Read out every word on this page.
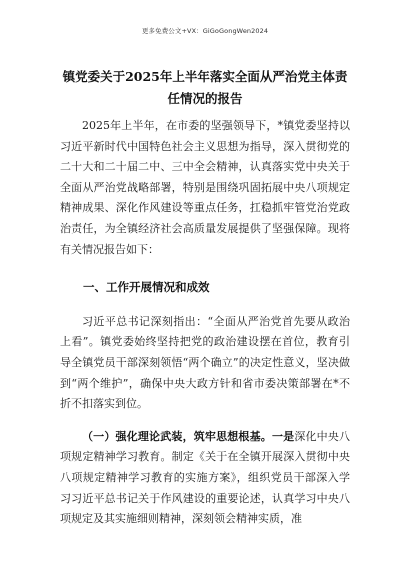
更多免费公文+VX：GiGoGongWen2024
镇党委关于2025年上半年落实全面从严治党主体责任情况的报告

2025年上半年，在市委的坚强领导下，*镇党委坚持以习近平新时代中国特色社会主义思想为指导，深入贯彻党的二十大和二十届二中、三中全会精神，认真落实党中央关于全面从严治党战略部署，特别是围绕巩固拓展中央八项规定精神成果、深化作风建设等重点任务，扛稳抓牢管党治党政治责任，为全镇经济社会高质量发展提供了坚强保障。现将有关情况报告如下：

一、工作开展情况和成效

习近平总书记深刻指出：“全面从严治党首先要从政治上看”。镇党委始终坚持把党的政治建设摆在首位，教育引导全镇党员干部深刻领悟“两个确立”的决定性意义，坚决做到“两个维护”，确保中央大政方针和省市委决策部署在*不折不扣落实到位。

（一）强化理论武装，筑牢思想根基。一是深化中央八项规定精神学习教育。制定《关于在全镇开展深入贯彻中央八项规定精神学习教育的实施方案》，组织党员干部深入学习习近平总书记关于作风建设的重要论述，认真学习中央八项规定及其实施细则精神，深刻领会精神实质，准
